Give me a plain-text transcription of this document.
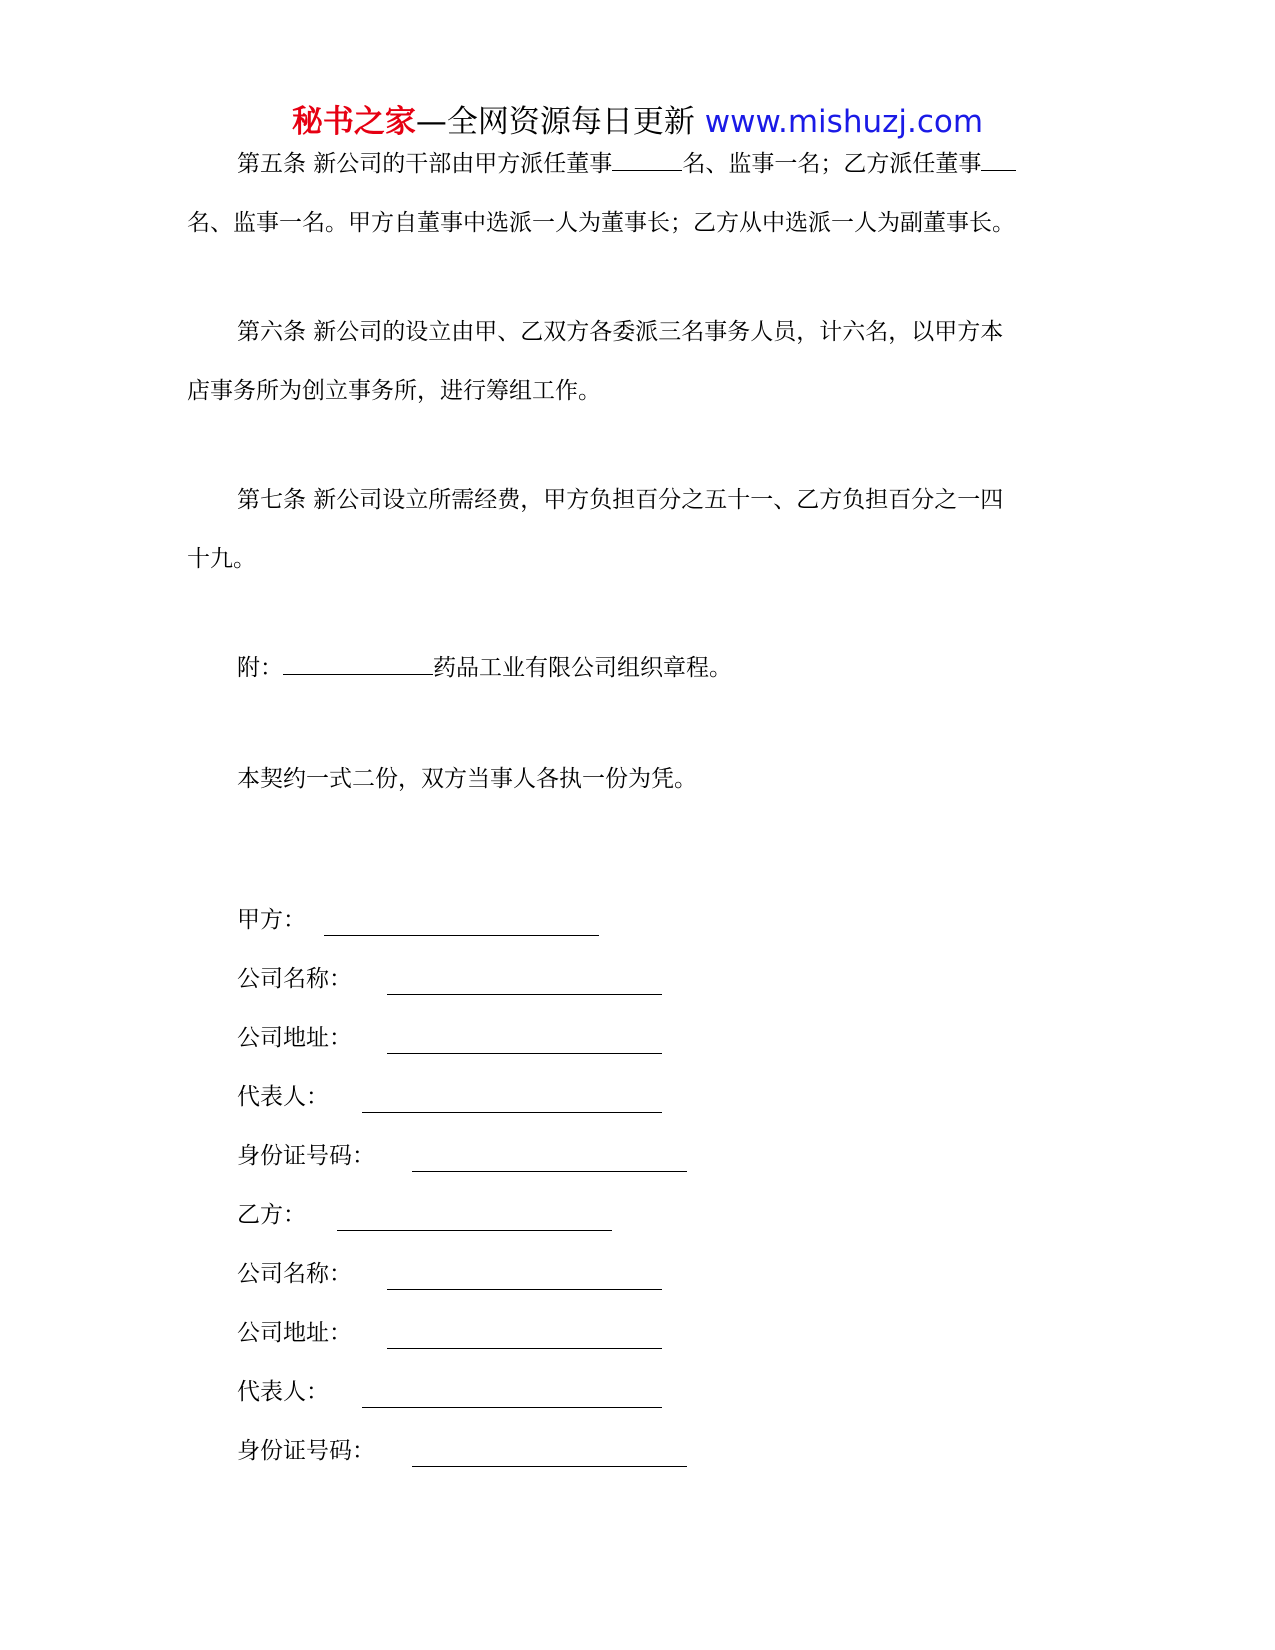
秘书之家—全网资源每日更新 www.mishuzj.com
第五条 新公司的干部由甲方派任董事	名、监事一名；乙方派任董事
名、监事一名。甲方自董事中选派一人为董事长；乙方从中选派一人为副董事长。
第六条 新公司的设立由甲、乙双方各委派三名事务人员，计六名，以甲方本
店事务所为创立事务所，进行筹组工作。
第七条 新公司设立所需经费，甲方负担百分之五十一、乙方负担百分之一四
十九。
附：	药品工业有限公司组织章程。
本契约一式二份，双方当事人各执一份为凭。
甲方：
公司名称：
公司地址：
代表人：
身份证号码：
乙方：
公司名称：
公司地址：
代表人：
身份证号码：
